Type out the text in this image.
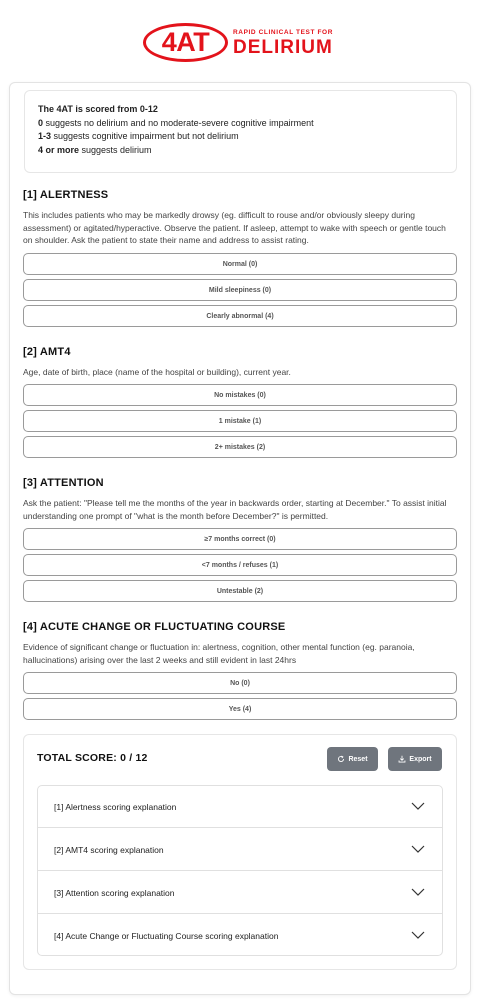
4AT	RAPID CLINICAL TEST FOR
DELIRIUM
The 4AT is scored from 0-12
0 suggests no delirium and no moderate-severe cognitive impairment
1-3 suggests cognitive impairment but not delirium
4 or more suggests delirium
[1] ALERTNESS
This includes patients who may be markedly drowsy (eg. difficult to rouse and/or obviously sleepy during assessment) or agitated/hyperactive. Observe the patient. If asleep, attempt to wake with speech or gentle touch on shoulder. Ask the patient to state their name and address to assist rating.
Normal (0)
Mild sleepiness (0)
Clearly abnormal (4)
[2] AMT4
Age, date of birth, place (name of the hospital or building), current year.
No mistakes (0)
1 mistake (1)
2+ mistakes (2)
[3] ATTENTION
Ask the patient: "Please tell me the months of the year in backwards order, starting at December." To assist initial understanding one prompt of "what is the month before December?" is permitted.
≥7 months correct (0)
<7 months / refuses (1)
Untestable (2)
[4] ACUTE CHANGE OR FLUCTUATING COURSE
Evidence of significant change or fluctuation in: alertness, cognition, other mental function (eg. paranoia, hallucinations) arising over the last 2 weeks and still evident in last 24hrs
No (0)
Yes (4)
TOTAL SCORE: 0 / 12	Reset	Export
[1] Alertness scoring explanation
[2] AMT4 scoring explanation
[3] Attention scoring explanation
[4] Acute Change or Fluctuating Course scoring explanation
